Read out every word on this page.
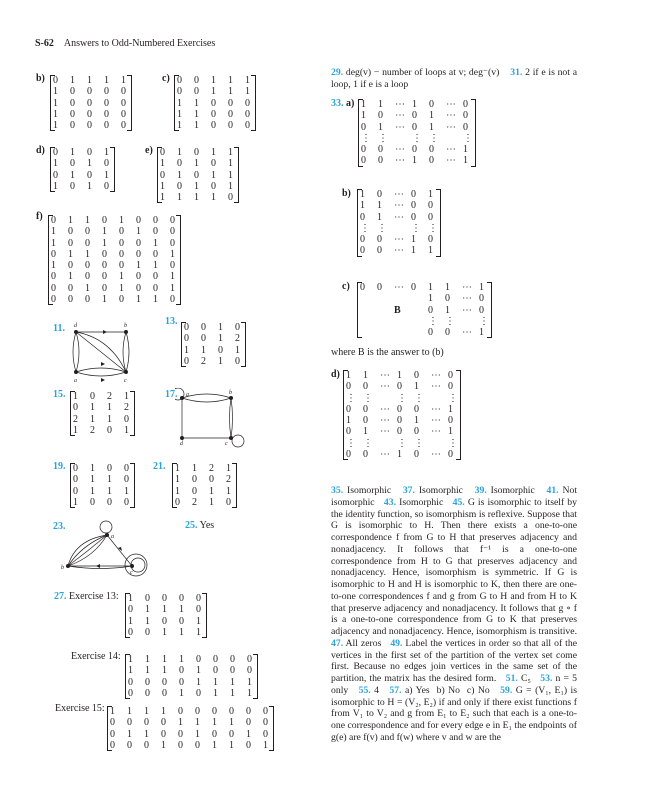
S-62 Answers to Odd-Numbered Exercises
b) 0	1	1	1	1
1	0	0	0	0
1	0	0	0	0
1	0	0	0	0
1	0	0	0	0
c) 0	0	1	1	1
0	0	1	1	1
1	1	0	0	0
1	1	0	0	0
1	1	0	0	0
d) 0	1	0	1
1	0	1	0
0	1	0	1
1	0	1	0
e) 0	1	0	1	1
1	0	1	0	1
0	1	0	1	1
1	0	1	0	1
1	1	1	1	0
f) 0	1	1	0	1	0	0	0
1	0	0	1	0	1	0	0
1	0	0	1	0	0	1	0
0	1	1	0	0	0	0	1
1	0	0	0	0	1	1	0
0	1	0	0	1	0	0	1
0	0	1	0	1	0	0	1
0	0	0	1	0	1	1	0
11.
a
b
c
d	13.
0	0	1	0
0	0	1	2
1	1	0	1
0	2	1	0
15. 1	0	2	1
0	1	1	2
2	1	1	0
1	2	0	1
17. a	b
c
d
19. 0	1	0	0
0	1	1	0
0	1	1	1
1	0	0	0
21. 1	1	2	1
1	0	0	2
1	0	1	1
0	2	1	0
23.
a
b
c
25. Yes
27. Exercise 13: 1	0	0	0	0
0	1	1	1	0
1	1	0	0	1
0	0	1	1	1
Exercise 14: 1	1	1	1	0	0	0	0
1	1	1	0	1	0	0	0
0	0	0	0	1	1	1	1
0	0	0	1	0	1	1	1
Exercise 15: 1	1	1	1	0	0	0	0	0	0
0	0	0	0	1	1	1	1	0	0
0	1	1	0	0	1	0	0	1	0
0	0	0	1	0	0	1	1	0	1
29. deg(v) − number of loops at v; deg⁻(v)    31. 2 if e is not a loop, 1 if e is a loop
33. a) 1	1	⋯	1	0	⋯	0
1	0	⋯	0	1	⋯	0
0	1	⋯	0	1	⋯	0
⋮	⋮		⋮	⋮		⋮
0	0	⋯	0	0	⋯	1
0	0	⋯	1	0	⋯	1
b) 1	0	⋯	0	1
1	1	⋯	0	0
0	1	⋯	0	0
⋮	⋮		⋮	⋮
0	0	⋯	1	0
0	0	⋯	1	1
c) 0	0	⋯	0	1	1	⋯	1
				1	0	⋯	0
		B		0	1	⋯	0
				⋮	⋮		⋮
				0	0	⋯	1
where B is the answer to (b)
d) 1	1	⋯	1	0	⋯	0
0	0	⋯	0	1	⋯	0
⋮	⋮		⋮	⋮		⋮
0	0	⋯	0	0	⋯	1
1	0	⋯	0	1	⋯	0
0	1	⋯	0	0	⋯	1
⋮	⋮		⋮	⋮		⋮
0	0	⋯	1	0	⋯	0
35. Isomorphic   37. Isomorphic   39. Isomorphic   41. Not isomorphic   43. Isomorphic   45. G is isomorphic to itself by the identity function, so isomorphism is reflexive. Suppose that G is isomorphic to H. Then there exists a one-to-one correspondence f from G to H that preserves adjacency and nonadjacency. It follows that f⁻¹ is a one-to-one correspondence from H to G that preserves adjacency and nonadjacency. Hence, isomorphism is symmetric. If G is isomorphic to H and H is isomorphic to K, then there are one-to-one correspondences f and g from G to H and from H to K that preserve adjacency and nonadjacency. It follows that g ∘ f is a one-to-one correspondence from G to K that preserves adjacency and nonadjacency. Hence, isomorphism is transitive. 47. All zeros   49. Label the vertices in order so that all of the vertices in the first set of the partition of the vertex set come first. Because no edges join vertices in the same set of the partition, the matrix has the desired form.   51. C₅   53. n = 5 only   55. 4   57. a) Yes  b) No  c) No   59. G = (V₁, E₁) is isomorphic to H = (V₂, E₂) if and only if there exist functions f from V₁ to V₂ and g from E₁ to E₂ such that each is a one-to-one correspondence and for every edge e in E₁ the endpoints of g(e) are f(v) and f(w) where v and w are the
